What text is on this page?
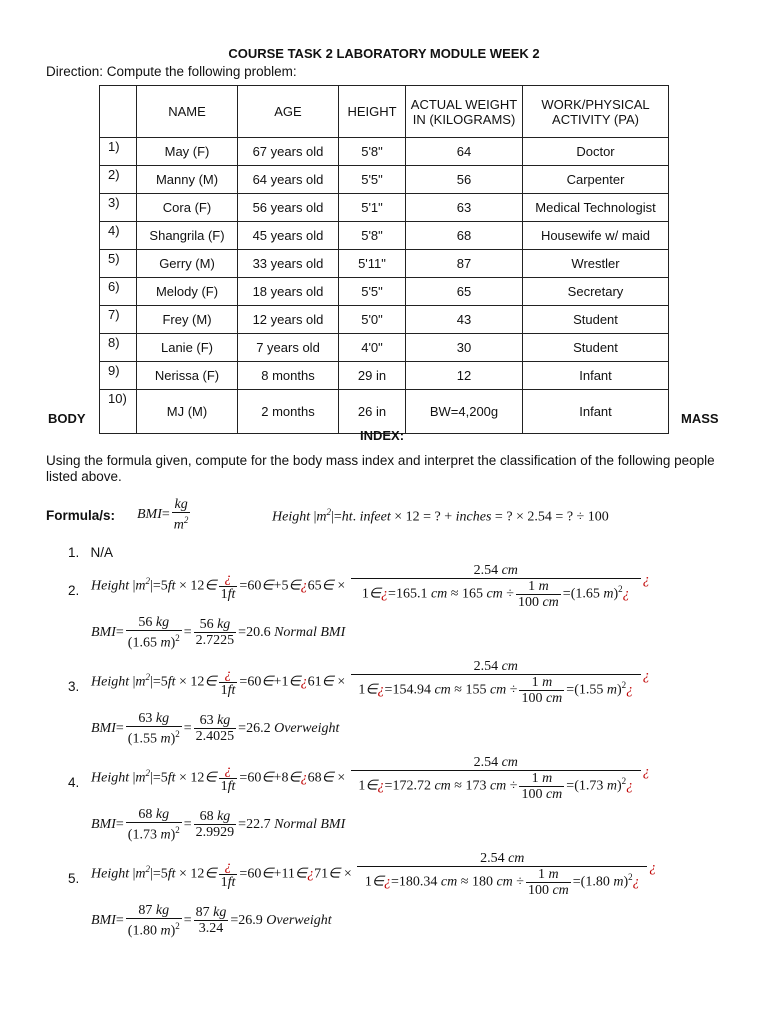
COURSE TASK 2 LABORATORY MODULE WEEK 2
Direction: Compute the following problem:
	NAME	AGE	HEIGHT	ACTUAL WEIGHT IN (KILOGRAMS)	WORK/PHYSICAL ACTIVITY (PA)
1)	May (F)	67 years old	5'8"	64	Doctor
2)	Manny (M)	64 years old	5'5"	56	Carpenter
3)	Cora (F)	56 years old	5'1"	63	Medical Technologist
4)	Shangrila (F)	45 years old	5'8"	68	Housewife w/ maid
5)	Gerry (M)	33 years old	5'11"	87	Wrestler
6)	Melody (F)	18 years old	5'5"	65	Secretary
7)	Frey (M)	12 years old	5'0"	43	Student
8)	Lanie (F)	7 years old	4'0"	30	Student
9)	Nerissa (F)	8 months	29 in	12	Infant
10)	MJ (M)	2 months	26 in	BW=4,200g	Infant
BODY	MASS
INDEX:
Using the formula given, compute for the body mass index and interpret the classification of the following people listed above.
Formula/s: $BMI= \frac{kg}{m^2}$	Height $|m^2|=ht$. infeet × 12 = ? + inches = ? × 2.54 = ? ÷ 100
1. N/A
2. Height $|m^2|=5ft$ × 12∈ $\frac{¿}{1ft}$ =60∈+5∈¿65∈ × $\frac{2.54 cm}{1\in¿=165.1 cm \approx 165 cm \div \frac{1 m}{100 cm} =(1.65 m)^2¿}$ ¿
$BMI= \frac{56 kg}{(1.65 m)^2} = \frac{56 kg}{2.7225} =20.6$ Normal BMI
3. Height $|m^2|=5ft$ × 12∈ $\frac{¿}{1ft}$ =60∈+1∈¿61∈ × $\frac{2.54 cm}{1\in¿=154.94 cm \approx 155 cm \div \frac{1 m}{100 cm} =(1.55 m)^2¿}$ ¿
$BMI= \frac{63 kg}{(1.55 m)^2} = \frac{63 kg}{2.4025} =26.2$ Overweight
4. Height $|m^2|=5ft$ × 12∈ $\frac{¿}{1ft}$ =60∈+8∈¿68∈ × $\frac{2.54 cm}{1\in¿=172.72 cm \approx 173 cm \div \frac{1 m}{100 cm} =(1.73 m)^2¿}$ ¿
$BMI= \frac{68 kg}{(1.73 m)^2} = \frac{68 kg}{2.9929} =22.7$ Normal BMI
5. Height $|m^2|=5ft$ × 12∈ $\frac{¿}{1ft}$ =60∈+11∈¿71∈ × $\frac{2.54 cm}{1\in¿=180.34 cm \approx 180 cm \div \frac{1 m}{100 cm} =(1.80 m)^2¿}$ ¿
$BMI= \frac{87 kg}{(1.80 m)^2} = \frac{87 kg}{3.24} =26.9$ Overweight
